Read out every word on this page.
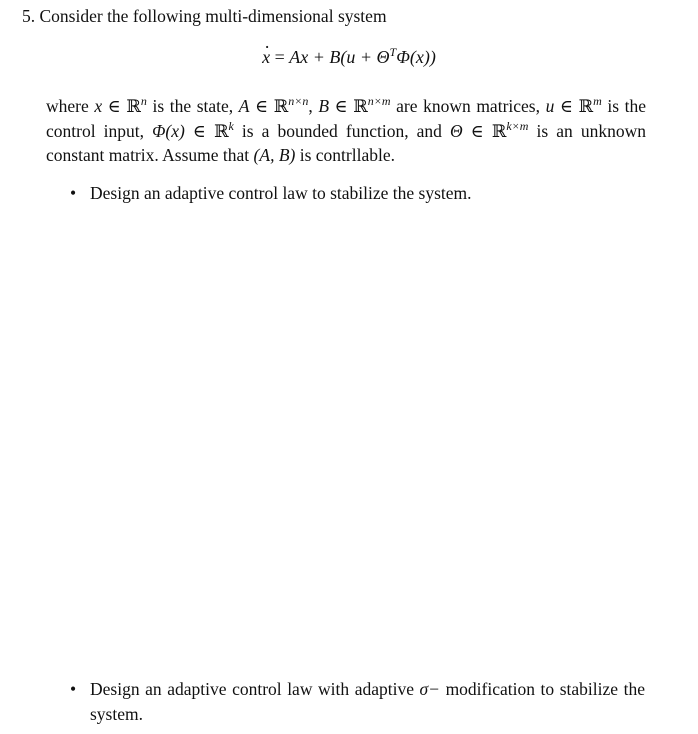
5. Consider the following multi-dimensional system
· $x = Ax + B(u + \Theta^T\Phi(x))$
where x ∈ ℝ$^n$ is the state, A ∈ ℝ$^{n\times n}$, B ∈ ℝ$^{n\times m}$ are known matrices, u ∈ ℝ$^m$ is the control input, Φ(x) ∈ ℝ$^k$ is a bounded function, and Θ ∈ ℝ$^{k\times m}$ is an unknown constant matrix. Assume that (A, B) is contrllable.
• Design an adaptive control law to stabilize the system.
• Design an adaptive control law with adaptive σ− modification to stabilize the system.
